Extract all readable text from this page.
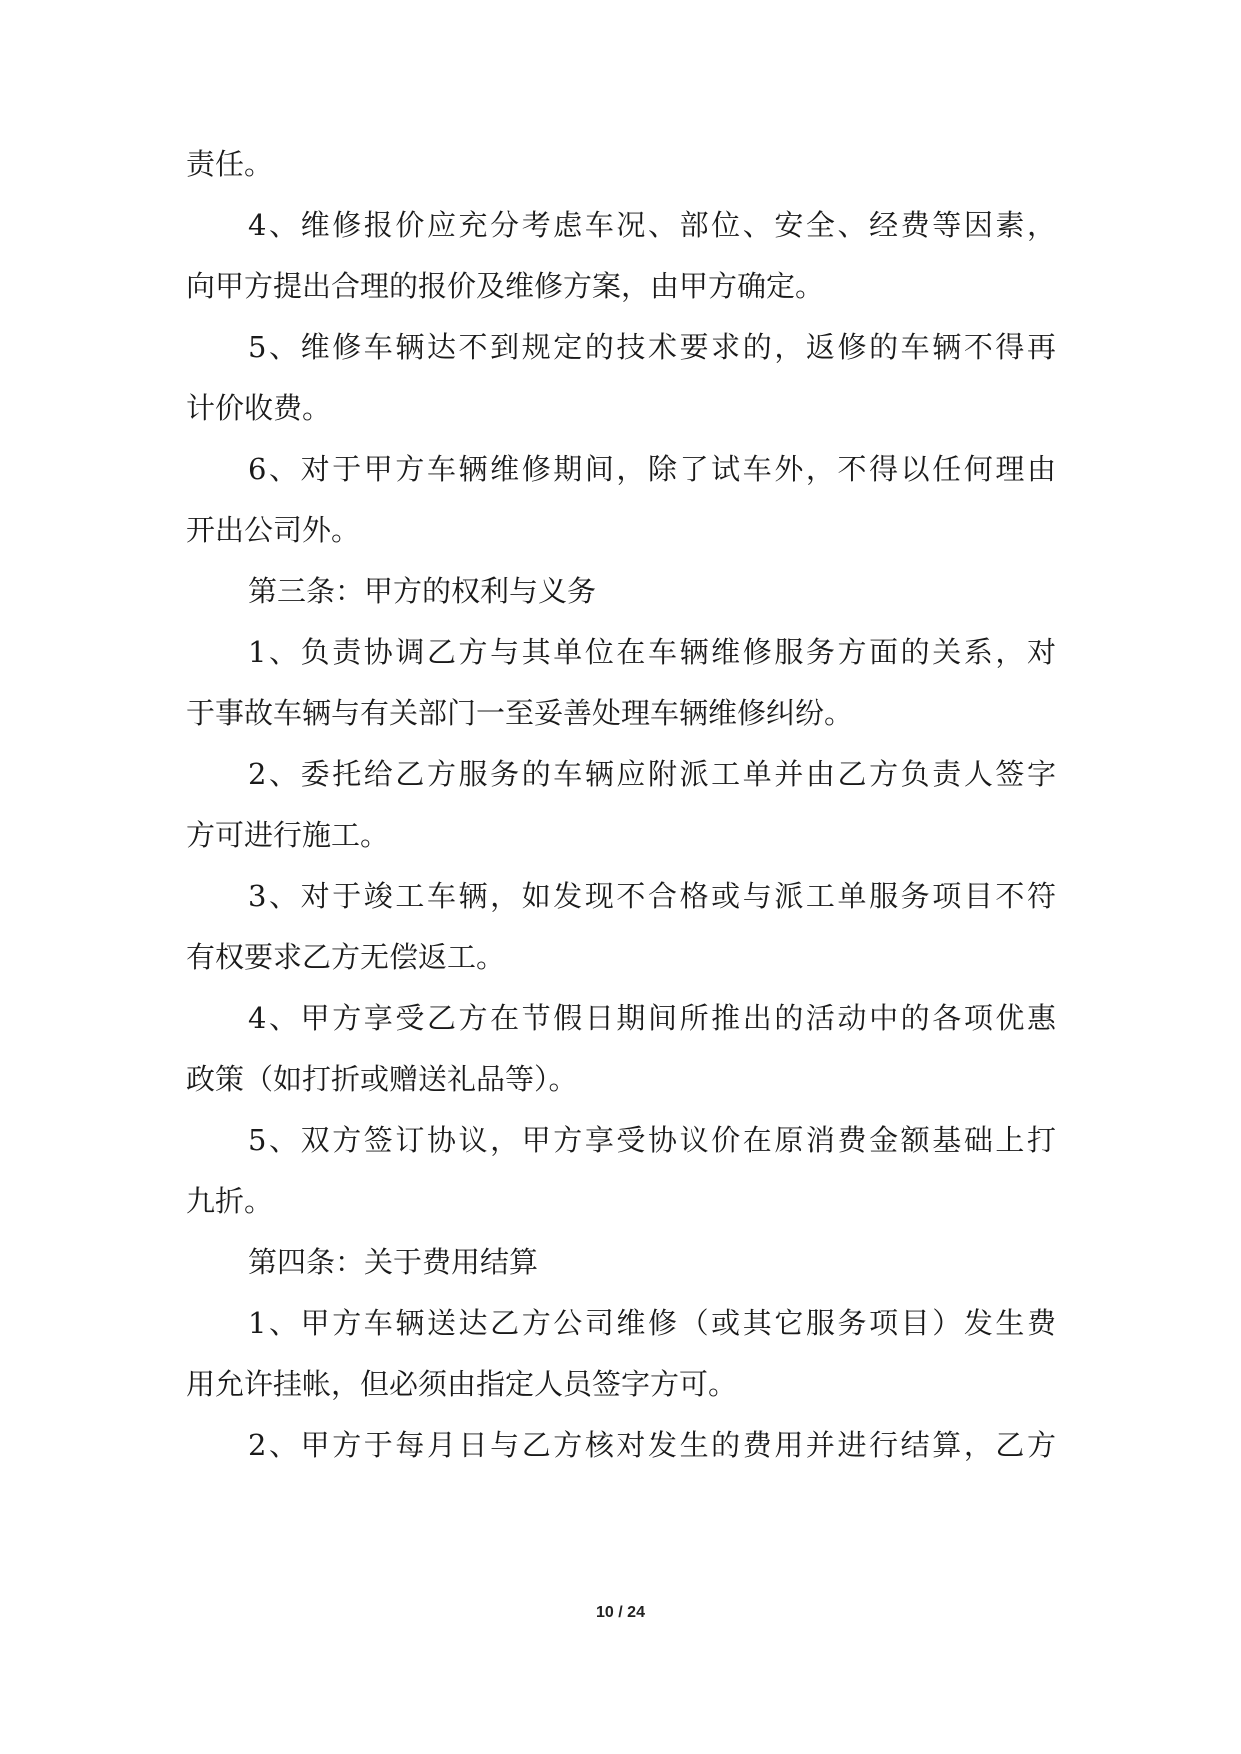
责任。
4、维修报价应充分考虑车况、部位、安全、经费等因素，
向甲方提出合理的报价及维修方案，由甲方确定。
5、维修车辆达不到规定的技术要求的，返修的车辆不得再
计价收费。
6、对于甲方车辆维修期间，除了试车外，不得以任何理由
开出公司外。
第三条：甲方的权利与义务
1、负责协调乙方与其单位在车辆维修服务方面的关系，对
于事故车辆与有关部门一至妥善处理车辆维修纠纷。
2、委托给乙方服务的车辆应附派工单并由乙方负责人签字
方可进行施工。
3、对于竣工车辆，如发现不合格或与派工单服务项目不符
有权要求乙方无偿返工。
4、甲方享受乙方在节假日期间所推出的活动中的各项优惠
政策（如打折或赠送礼品等）。
5、双方签订协议，甲方享受协议价在原消费金额基础上打
九折。
第四条：关于费用结算
1、甲方车辆送达乙方公司维修（或其它服务项目）发生费
用允许挂帐，但必须由指定人员签字方可。
2、甲方于每月日与乙方核对发生的费用并进行结算，乙方
10 / 24
